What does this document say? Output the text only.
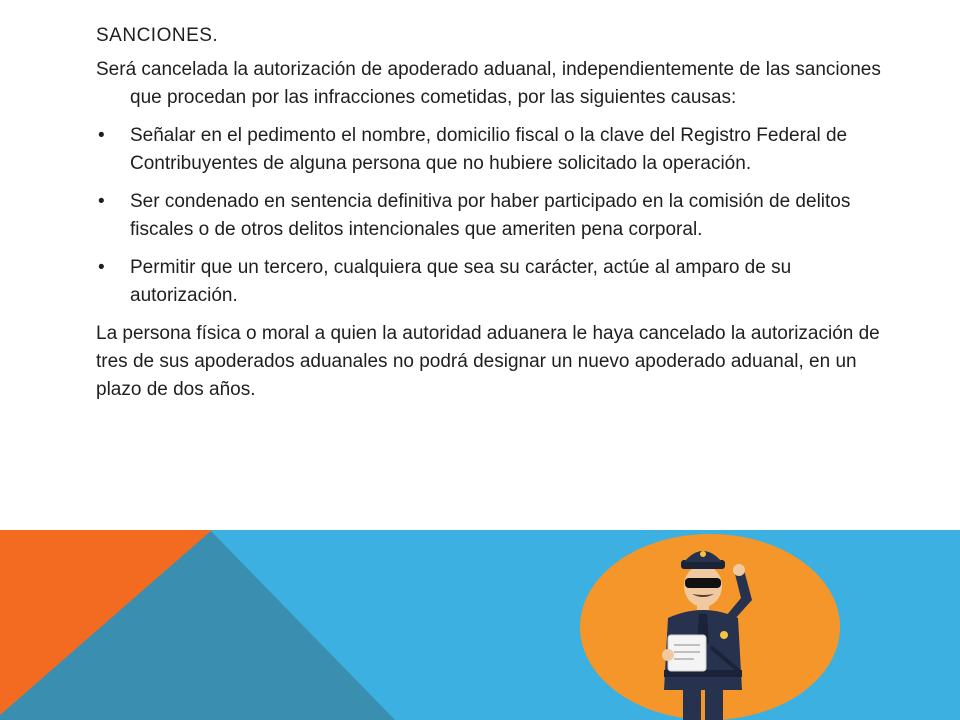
SANCIONES.

Será cancelada la autorización de apoderado aduanal, independientemente de las sanciones que procedan por las infracciones cometidas, por las siguientes causas:

• Señalar en el pedimento el nombre, domicilio fiscal o la clave del Registro Federal de Contribuyentes de alguna persona que no hubiere solicitado la operación.
• Ser condenado en sentencia definitiva por haber participado en la comisión de delitos fiscales o de otros delitos intencionales que ameriten pena corporal.
• Permitir que un tercero, cualquiera que sea su carácter, actúe al amparo de su autorización.

La persona física o moral a quien la autoridad aduanera le haya cancelado la autorización de tres de sus apoderados aduanales no podrá designar un nuevo apoderado aduanal, en un plazo de dos años.
